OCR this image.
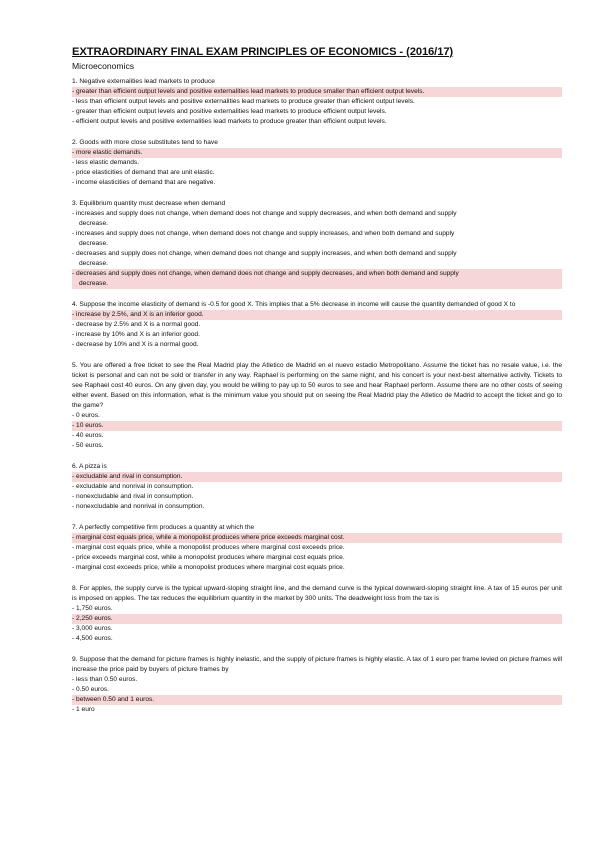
EXTRAORDINARY FINAL EXAM PRINCIPLES OF ECONOMICS - (2016/17)
Microeconomics
1. Negative externalities lead markets to produce
- greater than efficient output levels and positive externalities lead markets to produce smaller than efficient output levels.
- less than efficient output levels and positive externalities lead markets to produce greater than efficient output levels.
- greater than efficient output levels and positive externalities lead markets to produce efficient output levels.
- efficient output levels and positive externalities lead markets to produce greater than efficient output levels.
2. Goods with more close substitutes tend to have
- more elastic demands.
- less elastic demands.
- price elasticities of demand that are unit elastic.
- income elasticities of demand that are negative.
3. Equilibrium quantity must decrease when demand
- increases and supply does not change, when demand does not change and supply decreases, and when both demand and supply
decrease.
- increases and supply does not change, when demand does not change and supply increases, and when both demand and supply
decrease.
- decreases and supply does not change, when demand does not change and supply increases, and when both demand and supply
decrease.
- decreases and supply does not change, when demand does not change and supply decreases, and when both demand and supply
decrease.
4. Suppose the income elasticity of demand is -0.5 for good X. This implies that a 5% decrease in income will cause the quantity demanded of good X to
- increase by 2.5%, and X is an inferior good.
- decrease by 2.5% and X is a normal good.
- increase by 10% and X is an inferior good.
- decrease by 10% and X is a normal good.
5. You are offered a free ticket to see the Real Madrid play the Atletico de Madrid en el nuevo estadio Metropolitano. Assume the ticket has no resale value, i.e. the ticket is personal and can not be sold or transfer in any way. Raphael is performing on the same night, and his concert is your next-best alternative activity. Tickets to see Raphael cost 40 euros. On any given day, you would be willing to pay up to 50 euros to see and hear Raphael perform. Assume there are no other costs of seeing either event. Based on this information, what is the minimum value you should put on seeing the Real Madrid play the Atletico de Madrid to accept the ticket and go to the game?
- 0 euros.
- 10 euros.
- 40 euros.
- 50 euros.
6. A pizza is
- excludable and rival in consumption.
- excludable and nonrival in consumption.
- nonexcludable and rival in consumption.
- nonexcludable and nonrival in consumption.
7. A perfectly competitive firm produces a quantity at which the
- marginal cost equals price, while a monopolist produces where price exceeds marginal cost.
- marginal cost equals price, while a monopolist produces where marginal cost exceeds price.
- price exceeds marginal cost, while a monopolist produces where marginal cost equals price.
- marginal cost exceeds price, while a monopolist produces where marginal cost equals price.
8. For apples, the supply curve is the typical upward-sloping straight line, and the demand curve is the typical downward-sloping straight line. A tax of 15 euros per unit is imposed on apples. The tax reduces the equilibrium quantity in the market by 300 units. The deadweight loss from the tax is
- 1,750 euros.
- 2,250 euros.
- 3,000 euros.
- 4,500 euros.
9. Suppose that the demand for picture frames is highly inelastic, and the supply of picture frames is highly elastic. A tax of 1 euro per frame levied on picture frames will increase the price paid by buyers of picture frames by
- less than 0.50 euros.
- 0.50 euros.
- between 0.50 and 1 euros.
- 1 euro
